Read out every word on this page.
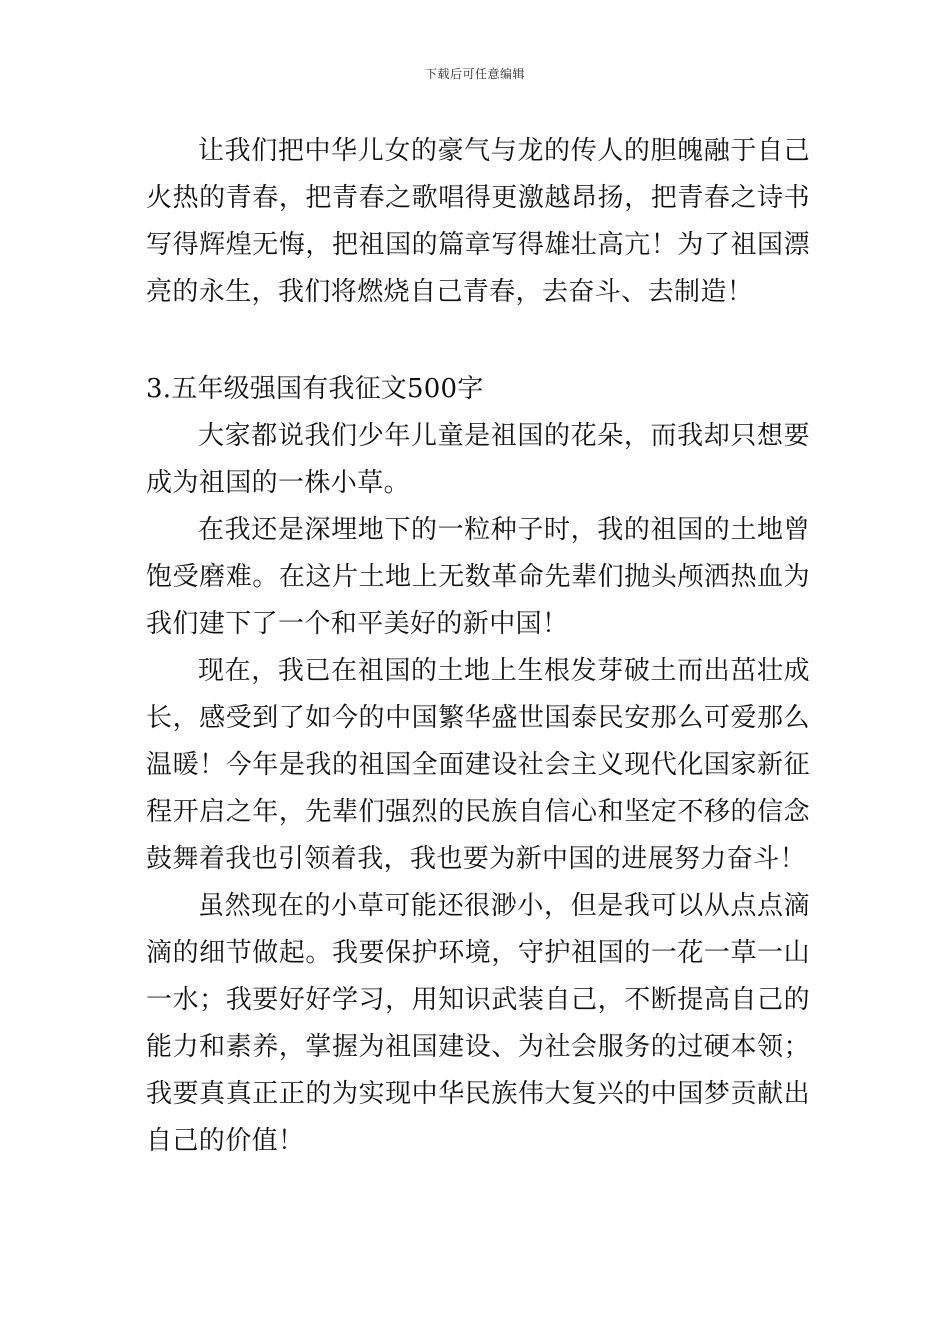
下载后可任意编辑

让我们把中华儿女的豪气与龙的传人的胆魄融于自己火热的青春，把青春之歌唱得更激越昂扬，把青春之诗书写得辉煌无悔，把祖国的篇章写得雄壮高亢！为了祖国漂亮的永生，我们将燃烧自己青春，去奋斗、去制造！

3.五年级强国有我征文500字

大家都说我们少年儿童是祖国的花朵，而我却只想要成为祖国的一株小草。

在我还是深埋地下的一粒种子时，我的祖国的土地曾饱受磨难。在这片土地上无数革命先辈们抛头颅洒热血为我们建下了一个和平美好的新中国！

现在，我已在祖国的土地上生根发芽破土而出茁壮成长，感受到了如今的中国繁华盛世国泰民安那么可爱那么温暖！今年是我的祖国全面建设社会主义现代化国家新征程开启之年，先辈们强烈的民族自信心和坚定不移的信念鼓舞着我也引领着我，我也要为新中国的进展努力奋斗！

虽然现在的小草可能还很渺小，但是我可以从点点滴滴的细节做起。我要保护环境，守护祖国的一花一草一山一水；我要好好学习，用知识武装自己，不断提高自己的能力和素养，掌握为祖国建设、为社会服务的过硬本领；我要真真正正的为实现中华民族伟大复兴的中国梦贡献出自己的价值！
